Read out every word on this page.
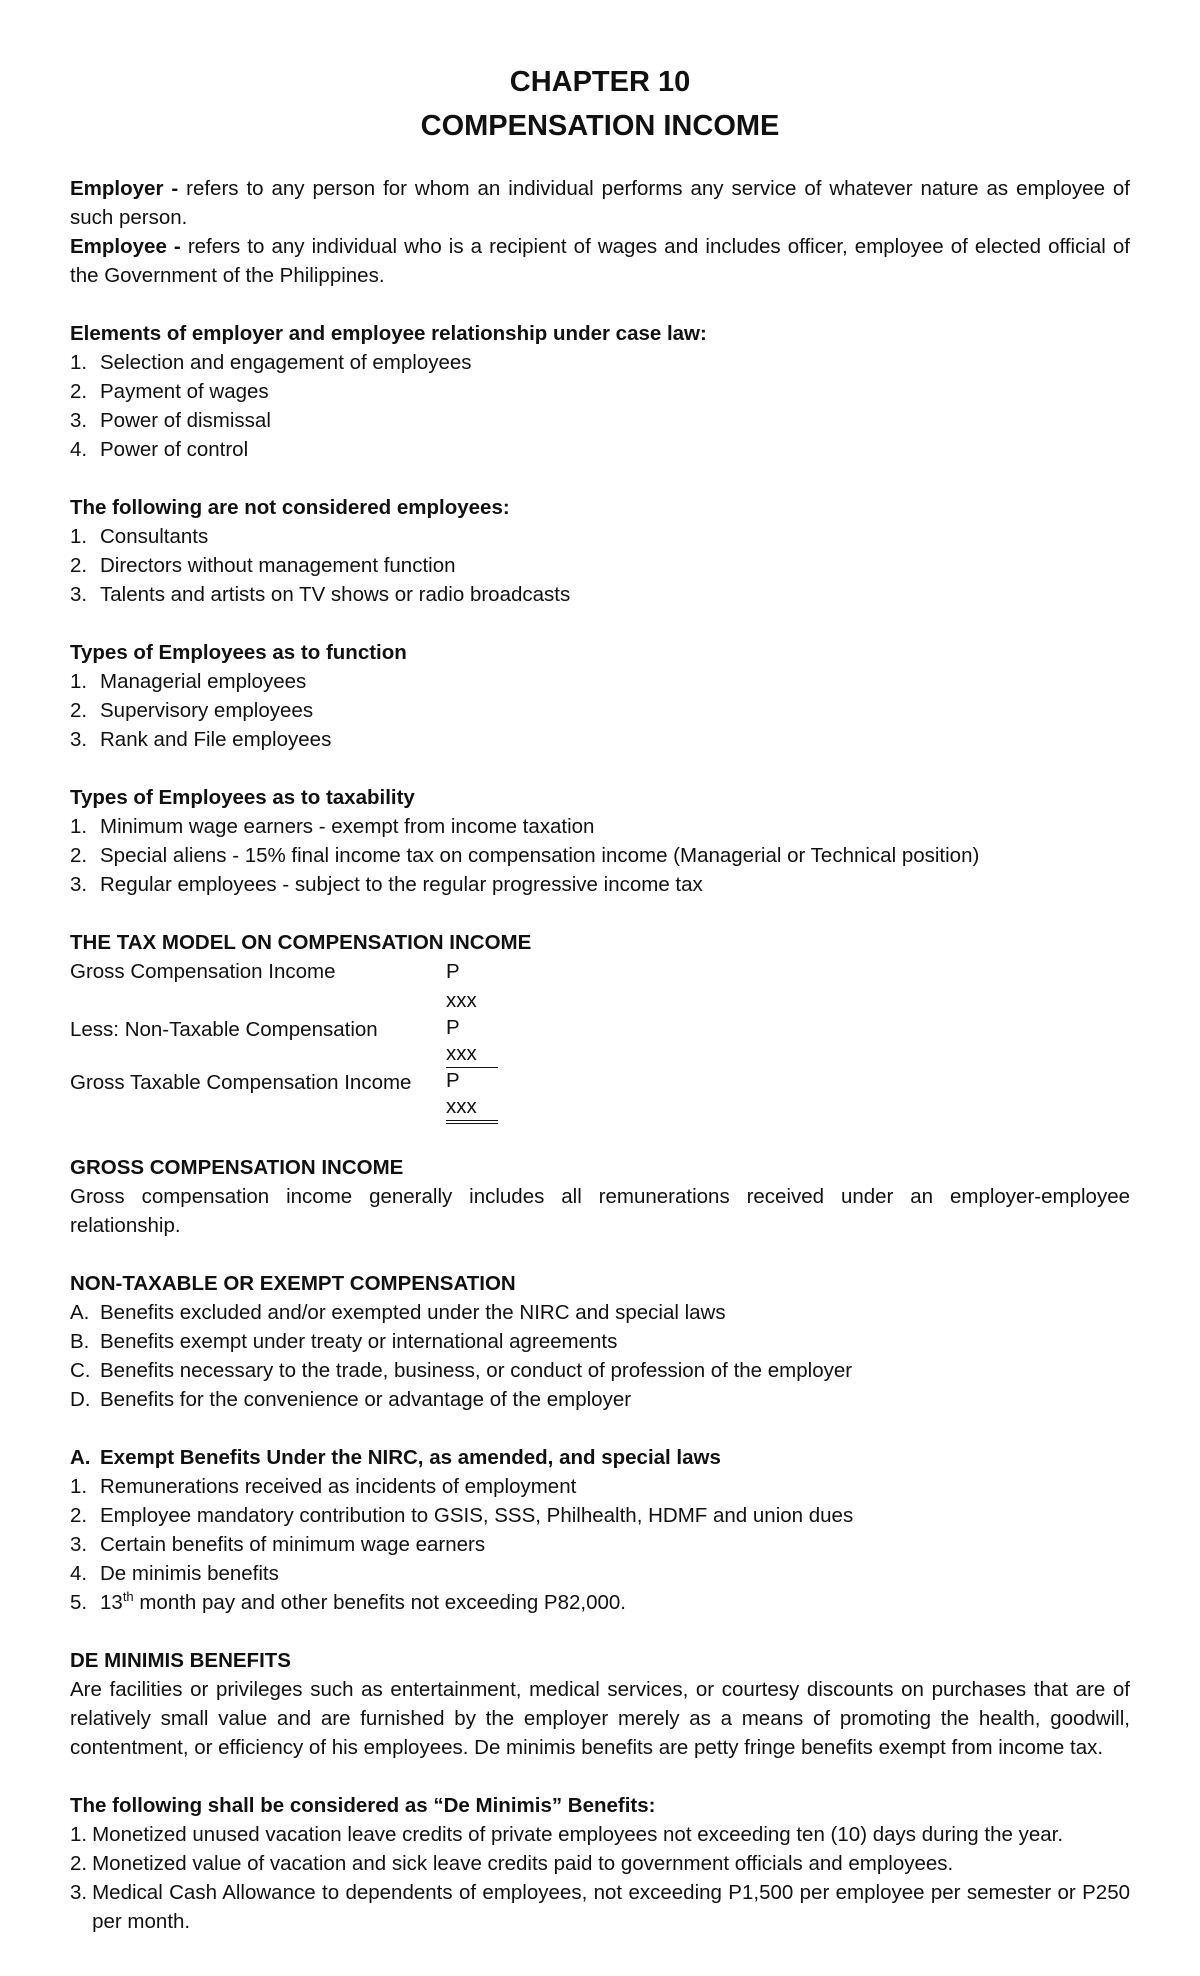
CHAPTER 10

COMPENSATION INCOME

Employer - refers to any person for whom an individual performs any service of whatever nature as employee of such person.

Employee - refers to any individual who is a recipient of wages and includes officer, employee of elected official of the Government of the Philippines.

Elements of employer and employee relationship under case law:

1. Selection and engagement of employees
2. Payment of wages
3. Power of dismissal
4. Power of control

The following are not considered employees:

1. Consultants
2. Directors without management function
3. Talents and artists on TV shows or radio broadcasts

Types of Employees as to function

1. Managerial employees
2. Supervisory employees
3. Rank and File employees

Types of Employees as to taxability

1. Minimum wage earners - exempt from income taxation
2. Special aliens - 15% final income tax on compensation income (Managerial or Technical position)
3. Regular employees - subject to the regular progressive income tax

THE TAX MODEL ON COMPENSATION INCOME

Gross Compensation Income	Pxxx
Less: Non-Taxable Compensation	Pxxx
Gross Taxable Compensation Income	Pxxx

GROSS COMPENSATION INCOME

Gross compensation income generally includes all remunerations received under an employer-employee relationship.

NON-TAXABLE OR EXEMPT COMPENSATION

A. Benefits excluded and/or exempted under the NIRC and special laws
B. Benefits exempt under treaty or international agreements
C. Benefits necessary to the trade, business, or conduct of profession of the employer
D. Benefits for the convenience or advantage of the employer

A. Exempt Benefits Under the NIRC, as amended, and special laws

1. Remunerations received as incidents of employment
2. Employee mandatory contribution to GSIS, SSS, Philhealth, HDMF and union dues
3. Certain benefits of minimum wage earners
4. De minimis benefits
5. 13th month pay and other benefits not exceeding P82,000.

DE MINIMIS BENEFITS

Are facilities or privileges such as entertainment, medical services, or courtesy discounts on purchases that are of relatively small value and are furnished by the employer merely as a means of promoting the health, goodwill, contentment, or efficiency of his employees. De minimis benefits are petty fringe benefits exempt from income tax.

The following shall be considered as “De Minimis” Benefits:

1. Monetized unused vacation leave credits of private employees not exceeding ten (10) days during the year.
2. Monetized value of vacation and sick leave credits paid to government officials and employees.
3. Medical Cash Allowance to dependents of employees, not exceeding P1,500 per employee per semester or P250 per month.
